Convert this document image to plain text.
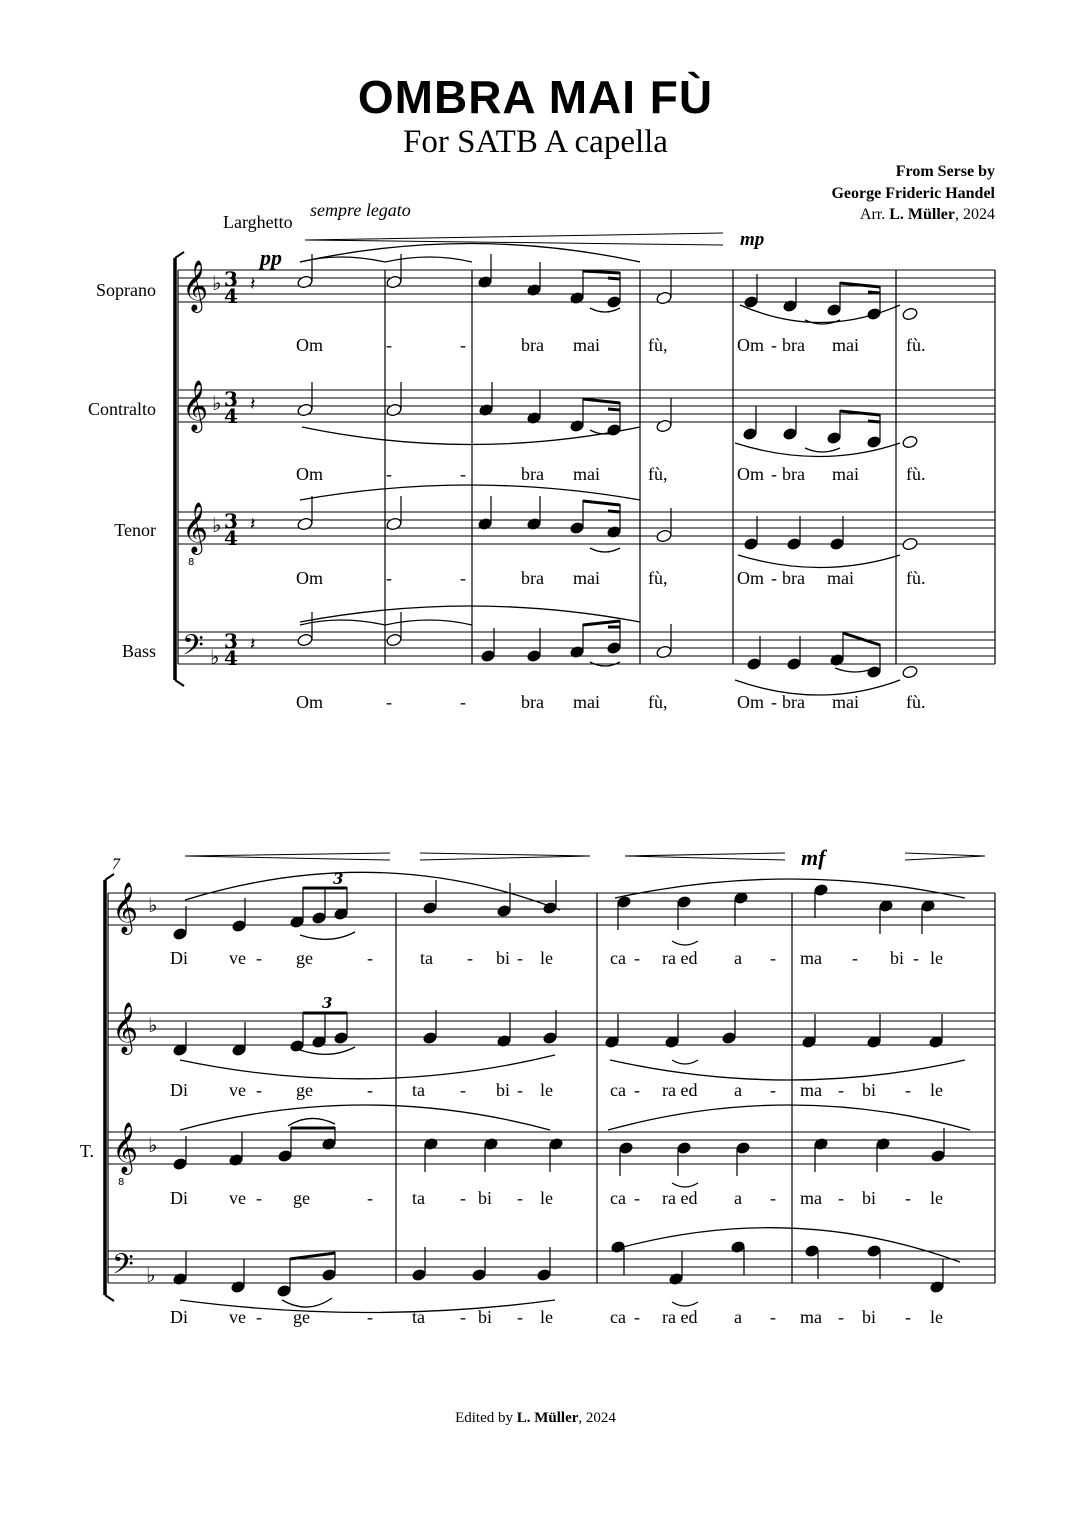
OMBRA MAI FÙ
For SATB A capella
From Serse by
George Frideric Handel
Arr. L. Müller, 2024
Larghetto
sempre legato
pp
mp
mf
7
Soprano
Contralto
Tenor
Bass
T.
𝄞
𝄞
𝄞
8
𝄢
♭
♭
♭
♭
3
4
3
4
3
4
3
4
𝄽
𝄽
𝄽
𝄽
𝄞
𝄞
𝄞
8
𝄢
♭
♭
♭
♭
3
3
Om	-	-	bra mai	fù,	Om - bra mai	fù.
Om	-	-	bra mai	fù,	Om - bra mai	fù.
Om	-	-	bra mai	fù,	Om - bra mai	fù.
Om	-	-	bra mai	fù,	Om - bra mai	fù.
Di ve - ge	-	ta - bi - le	ca - ra ed a - ma - bi - le
Di ve - ge	- ta - bi - le	ca - ra ed a - ma - bi - le
Di ve - ge	- ta - bi - le	ca - ra ed a - ma - bi - le
Di ve - ge	- ta - bi - le	ca - ra ed a - ma - bi - le
Edited by L. Müller, 2024
